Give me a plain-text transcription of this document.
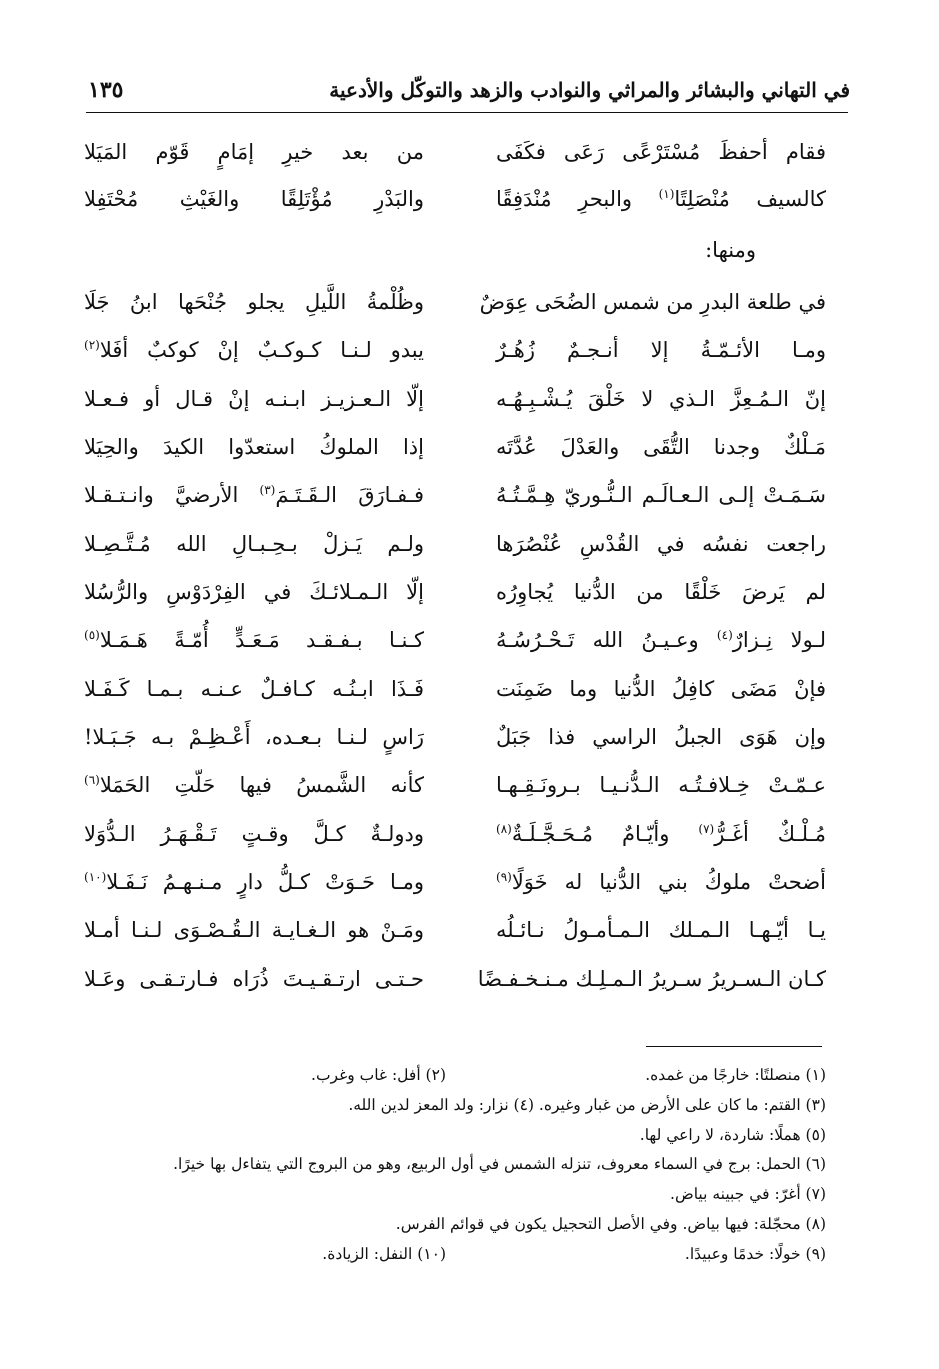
في التهاني والبشائر والمراثي والنوادب والزهد والتوكّل والأدعية
١٣٥
فقام أحفظَ مُسْتَرْعًى رَعَى فكَفَى
من بعد خيرِ إمَامٍ قَوّم المَيَلا
كالسيف مُنْصَلِتًا$^{(١)}$ والبحرِ مُنْدَفِقًا
والبَدْرِ مُؤْتَلِقًا والغَيْثِ مُحْتَفِلا
ومنها:
في طلعة البدرِ من شمس الضُحَى عِوَضٌ
وظُلْمةُ اللَّيلِ يجلو جُنْحَها ابنُ جَلَا
ومـا الأئـمّـةُ إلا أنـجـمٌ زُهُـرٌ
يبدو لـنـا كـوكـبٌ إنْ كوكبٌ أفَلا$^{(٢)}$
إنّ الـمُـعِزَّ الـذي لا خَلْقَ يُـشْـبِـهُـه
إلّا الـعـزيـز ابـنـه إنْ قـال أو فـعـلا
مَـلْكٌ وجدنا التُّقَى والعَدْلَ عُدَّتَه
إذا الملوكُ استعدّوا الكيدَ والحِيَلا
سَـمَـتْ إلـى الـعـالَـم الـنُّـوريّ هِـمَّـتُـهُ
فـفـارَقَ الـقَـتَـمَ$^{(٣)}$ الأرضيَّ وانـتـقـلا
راجعت نفسُه في القُدْسِ عُنْصُرَها
ولـم يَـزلْ بـحِـبـالِ الله مُـتَّـصِـلا
لم يَرضَ خَلْقًا من الدُّنيا يُجاوِرُه
إلّا الـمـلائـكَ في الفِرْدَوْسِ والرُّسُلا
لـولا نِـزارٌ$^{(٤)}$ وعـيـنُ الله تَـحْـرُسُـهُ
كـنـا بـفـقـد مَـعَـدٍّ أُمّـةً هَـمَـلا$^{(٥)}$
فإنْ مَضَى كافِلُ الدُّنيا وما ضَمِنَت
فَـذَا ابـنُـه كـافـلٌ عـنـه بـمـا كَـفَـلا
وإن هَوَى الجبلُ الراسي فذا جَبَلٌ
رَاسٍ لـنـا بـعـده، أَعْـظِـمْ بـه جَـبَـلا!
عـمّـتْ خِـلافـتُـه الـدُّنـيـا بـرونَـقِـهـا
كأنه الشَّمسُ فيها حَلّتِ الحَمَلا$^{(٦)}$
مُـلْـكٌ أغَـرُّ$^{(٧)}$ وأيّـامٌ مُـحَـجَّـلَـةٌ$^{(٨)}$
ودولـةٌ كـلَّ وقـتٍ تَـقْـهَـرُ الـدُّوَلا
أضحتْ ملوكُ بني الدُّنيا له خَوَلًا$^{(٩)}$
ومـا حَـوَتْ كـلُّ دارٍ مـنـهـمُ نَـفَـلا$^{(١٠)}$
يـا أيّـهـا الـمـلك الـمـأمـولُ نـائـلُه
ومَـنْ هو الـغـايـة الـقُـصْـوَى لـنـا أمـلا
كـان الـسـريرُ سـريرُ الـمـلِـك مـنـخـفـضًا
حـتـى ارتـقـيـتَ ذُرَاه فـارتـقـى وعَـلا
(١) منصلتًا: خارجًا من غمده.
(٢) أفل: غاب وغرب.
(٣) القتم: ما كان على الأرض من غبار وغيره. (٤) نزار: ولد المعز لدين الله.
(٥) هملًا: شاردة، لا راعي لها.
(٦) الحمل: برج في السماء معروف، تنزله الشمس في أول الربيع، وهو من البروج التي يتفاءل بها خيرًا.
(٧) أغرّ: في جبينه بياض.
(٨) محجّلة: فيها بياض. وفي الأصل التحجيل يكون في قوائم الفرس.
(٩) خولًا: خدمًا وعبيدًا.
(١٠) النفل: الزيادة.
